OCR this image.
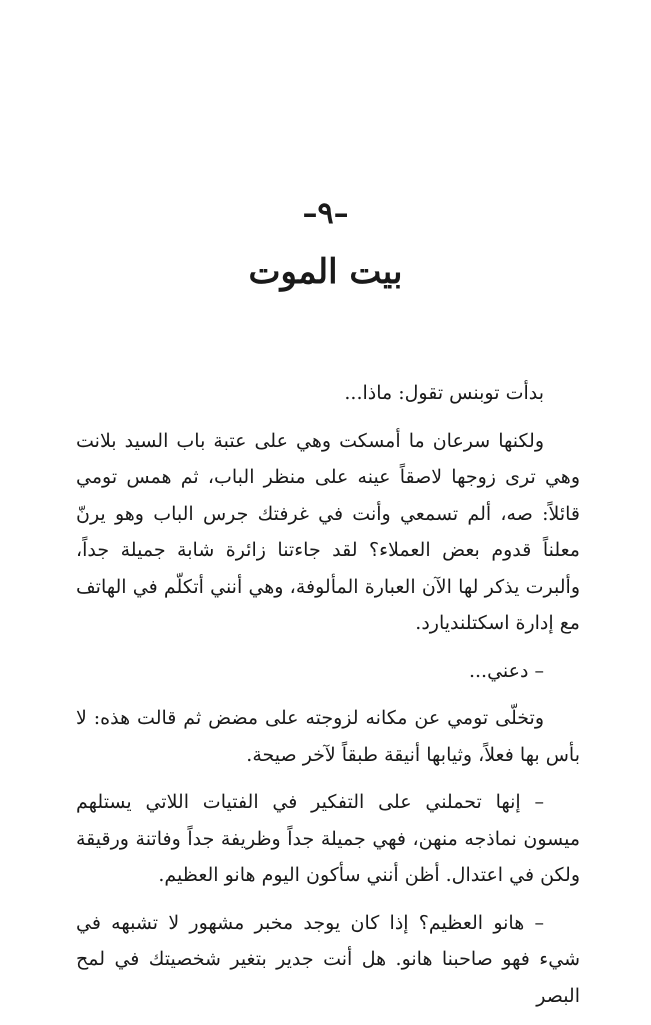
–٩–
بيت الموت

بدأت توبنس تقول: ماذا...

ولكنها سرعان ما أمسكت وهي على عتبة باب السيد بلانت وهي ترى زوجها لاصقاً عينه على منظر الباب، ثم همس تومي قائلاً: صه، ألم تسمعي وأنت في غرفتك جرس الباب وهو يرنّ معلناً قدوم بعض العملاء؟ لقد جاءتنا زائرة شابة جميلة جداً، وألبرت يذكر لها الآن العبارة المألوفة، وهي أنني أتكلّم في الهاتف مع إدارة اسكتلنديارد.

– دعني...

وتخلّى تومي عن مكانه لزوجته على مضض ثم قالت هذه: لا بأس بها فعلاً، وثيابها أنيقة طبقاً لآخر صيحة.

– إنها تحملني على التفكير في الفتيات اللاتي يستلهم ميسون نماذجه منهن، فهي جميلة جداً وظريفة جداً وفاتنة ورقيقة ولكن في اعتدال. أظن أنني سأكون اليوم هانو العظيم.

– هانو العظيم؟ إذا كان يوجد مخبر مشهور لا تشبهه في شيء فهو صاحبنا هانو. هل أنت جدير بتغير شخصيتك في لمح البصر
